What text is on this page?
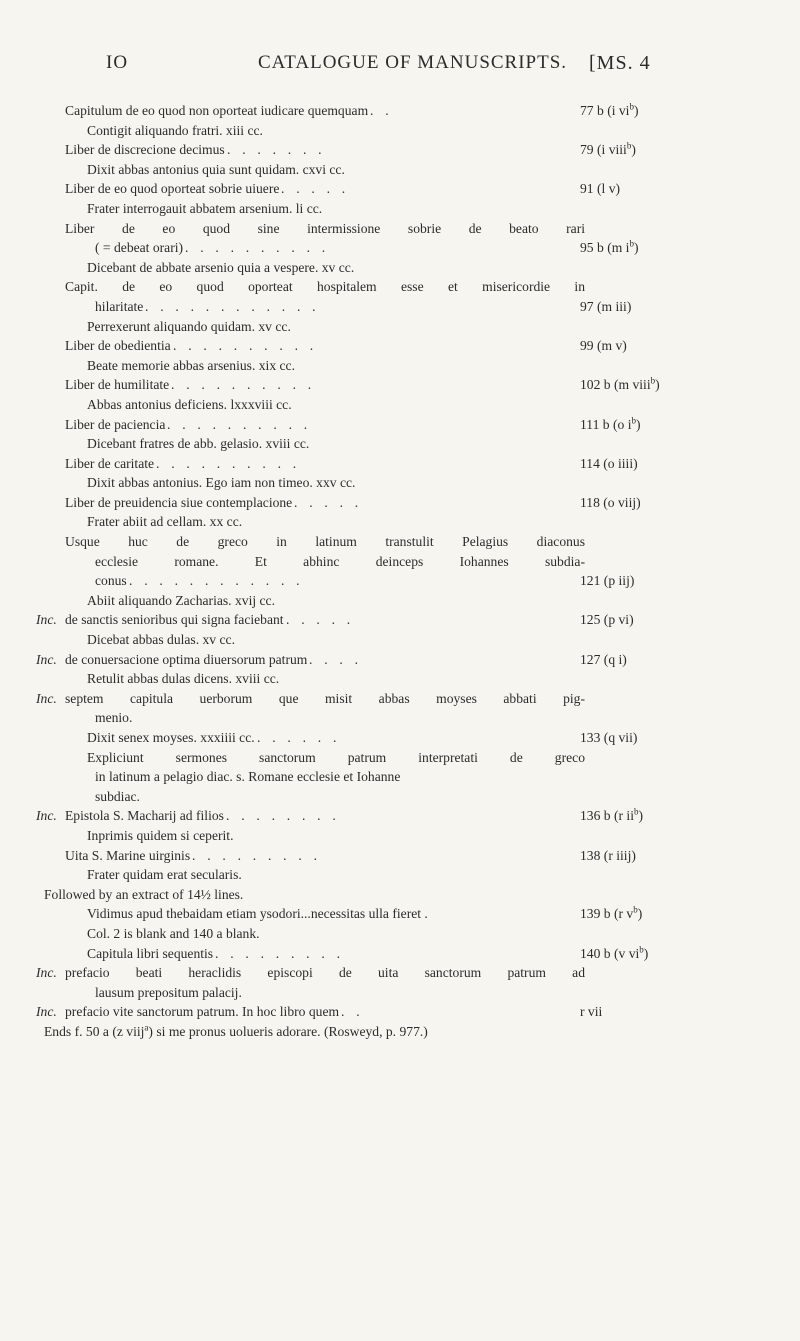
IO	CATALOGUE OF MANUSCRIPTS. [MS. 4
Capitulum de eo quod non oporteat iudicare quemquam . .	77 b (i $vi^b$)
Contigit aliquando fratri. xiii cc.
Liber de discrecione decimus . . . . . . .	79 (i viii$^b$)
Dixit abbas antonius quia sunt quidam. cxvi cc.
Liber de eo quod oporteat sobrie uiuere . . . . .	91 (l v)
Frater interrogauit abbatem arsenium. li cc.
Liber de eo quod sine intermissione sobrie de beato rari
( = debeat orari) . . . . . . . . . .	95 b (m $i^b$)
Dicebant de abbate arsenio quia a vespere. xv cc.
Capit. de eo quod oporteat hospitalem esse et misericordie in
hilaritate . . . . . . . . . . . .	97 (m iii)
Perrexerunt aliquando quidam. xv cc.
Liber de obedientia . . . . . . . . . .	99 (m v)
Beate memorie abbas arsenius. xix cc.
Liber de humilitate . . . . . . . . . .	102 b (m viii$^b$)
Abbas antonius deficiens. lxxxviii cc.
Liber de paciencia . . . . . . . . . .	111 b (o $i^b$)
Dicebant fratres de abb. gelasio. xviii cc.
Liber de caritate . . . . . . . . . .	114 (o iiii)
Dixit abbas antonius. Ego iam non timeo. xxv cc.
Liber de preuidencia siue contemplacione . . . . .	118 (o viij)
Frater abiit ad cellam. xx cc.
Usque huc de greco in latinum transtulit Pelagius diaconus
ecclesie romane. Et abhinc deinceps Iohannes subdia-
conus . . . . . . . . . . . .	121 (p iij)
Abiit aliquando Zacharias. xvij cc.
Inc. de sanctis senioribus qui signa faciebant . . . . .	125 (p vi)
Dicebat abbas dulas. xv cc.
Inc. de conuersacione optima diuersorum patrum . . . .	127 (q i)
Retulit abbas dulas dicens. xviii cc.
Inc. septem capitula uerborum que misit abbas moyses abbati pig-
menio.
Dixit senex moyses. xxxiiii cc. . . . . . .	133 (q vii)
Expliciunt sermones sanctorum patrum interpretati de greco
in latinum a pelagio diac. s. Romane ecclesie et Iohanne
subdiac.
Inc. Epistola S. Macharij ad filios . . . . . . . .	136 b (r $ii^b$)
Inprimis quidem si ceperit.
Uita S. Marine uirginis . . . . . . . . .	138 (r iiij)
Frater quidam erat secularis.
Followed by an extract of 14½ lines.
Vidimus apud thebaidam etiam ysodori...necessitas ulla fieret .	139 b (r $v^b$)
Col. 2 is blank and 140 a blank.
Capitula libri sequentis . . . . . . . . .	140 b (v $vi^b$)
Inc. prefacio beati heraclidis episcopi de uita sanctorum patrum ad
lausum prepositum palacij.
Inc. prefacio vite sanctorum patrum. In hoc libro quem . .	r vii
Ends f. 50 a (z viij$^a$) si me pronus uolueris adorare. (Rosweyd, p. 977.)
